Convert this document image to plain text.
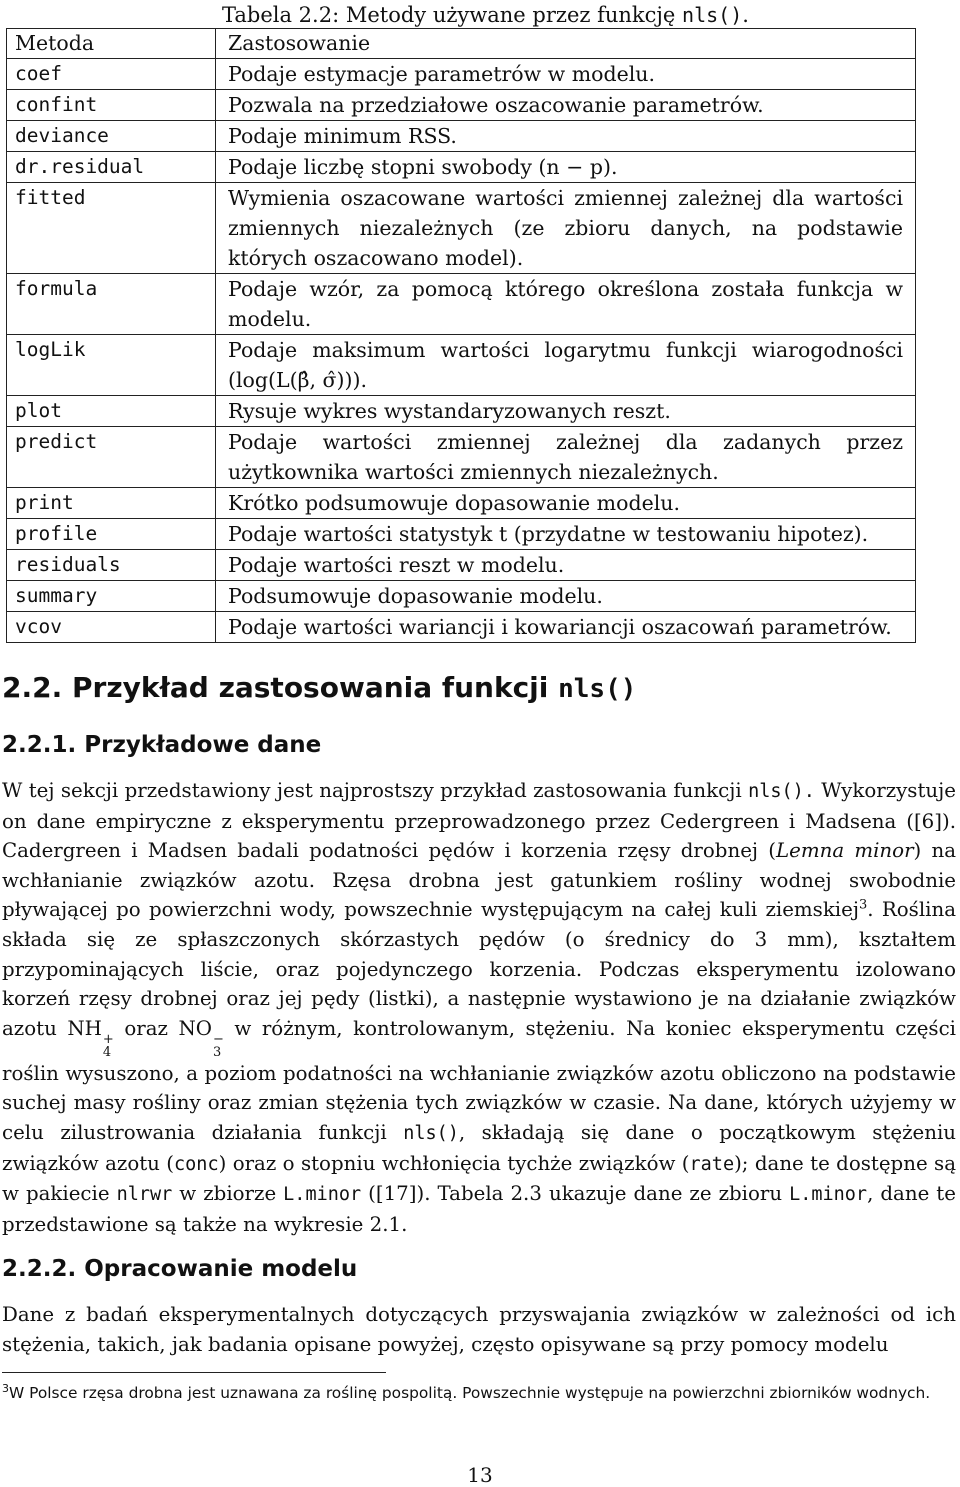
Tabela 2.2: Metody używane przez funkcję nls().
Metoda	Zastosowanie
coef	Podaje estymacje parametrów w modelu.
confint	Pozwala na przedziałowe oszacowanie parametrów.
deviance	Podaje minimum RSS.
dr.residual	Podaje liczbę stopni swobody (n − p).
fitted	Wymienia oszacowane wartości zmiennej zależnej dla wartości zmiennych niezależnych (ze zbioru danych, na podstawie których oszacowano model).
formula	Podaje wzór, za pomocą którego określona została funkcja w modelu.
logLik	Podaje maksimum wartości logarytmu funkcji wiarogodności (log(L(β̂, σ̂))).
plot	Rysuje wykres wystandaryzowanych reszt.
predict	Podaje wartości zmiennej zależnej dla zadanych przez użytkownika wartości zmiennych niezależnych.
print	Krótko podsumowuje dopasowanie modelu.
profile	Podaje wartości statystyk t (przydatne w testowaniu hipotez).
residuals	Podaje wartości reszt w modelu.
summary	Podsumowuje dopasowanie modelu.
vcov	Podaje wartości wariancji i kowariancji oszacowań parametrów.
2.2. Przykład zastosowania funkcji nls()
2.2.1. Przykładowe dane

W tej sekcji przedstawiony jest najprostszy przykład zastosowania funkcji nls(). Wykorzystuje on dane empiryczne z eksperymentu przeprowadzonego przez Cedergreen i Madsena ([6]). Cadergreen i Madsen badali podatności pędów i korzenia rzęsy drobnej (Lemna minor) na wchłanianie związków azotu. Rzęsa drobna jest gatunkiem rośliny wodnej swobodnie pływającej po powierzchni wody, powszechnie występującym na całej kuli ziemskiej$^3$. Roślina składa się ze spłaszczonych skórzastych pędów (o średnicy do 3 mm), kształtem przypominających liście, oraz pojedynczego korzenia. Podczas eksperymentu izolowano korzeń rzęsy drobnej oraz jej pędy (listki), a następnie wystawiono je na działanie związków azotu NH +
4
oraz NO −
3
w różnym, kontrolowanym, stężeniu. Na koniec eksperymentu części roślin wysuszono, a poziom podatności na wchłanianie związków azotu obliczono na podstawie suchej masy rośliny oraz zmian stężenia tych związków w czasie. Na dane, których użyjemy w celu zilustrowania działania funkcji nls(), składają się dane o początkowym stężeniu związków azotu (conc) oraz o stopniu wchłonięcia tychże związków (rate); dane te dostępne są w pakiecie nlrwr w zbiorze L.minor ([17]). Tabela 2.3 ukazuje dane ze zbioru L.minor, dane te przedstawione są także na wykresie 2.1.

2.2.2. Opracowanie modelu

Dane z badań eksperymentalnych dotyczących przyswajania związków w zależności od ich stężenia, takich, jak badania opisane powyżej, często opisywane są przy pomocy modelu

$^3$W Polsce rzęsa drobna jest uznawana za roślinę pospolitą. Powszechnie występuje na powierzchni zbiorników wodnych.

13
